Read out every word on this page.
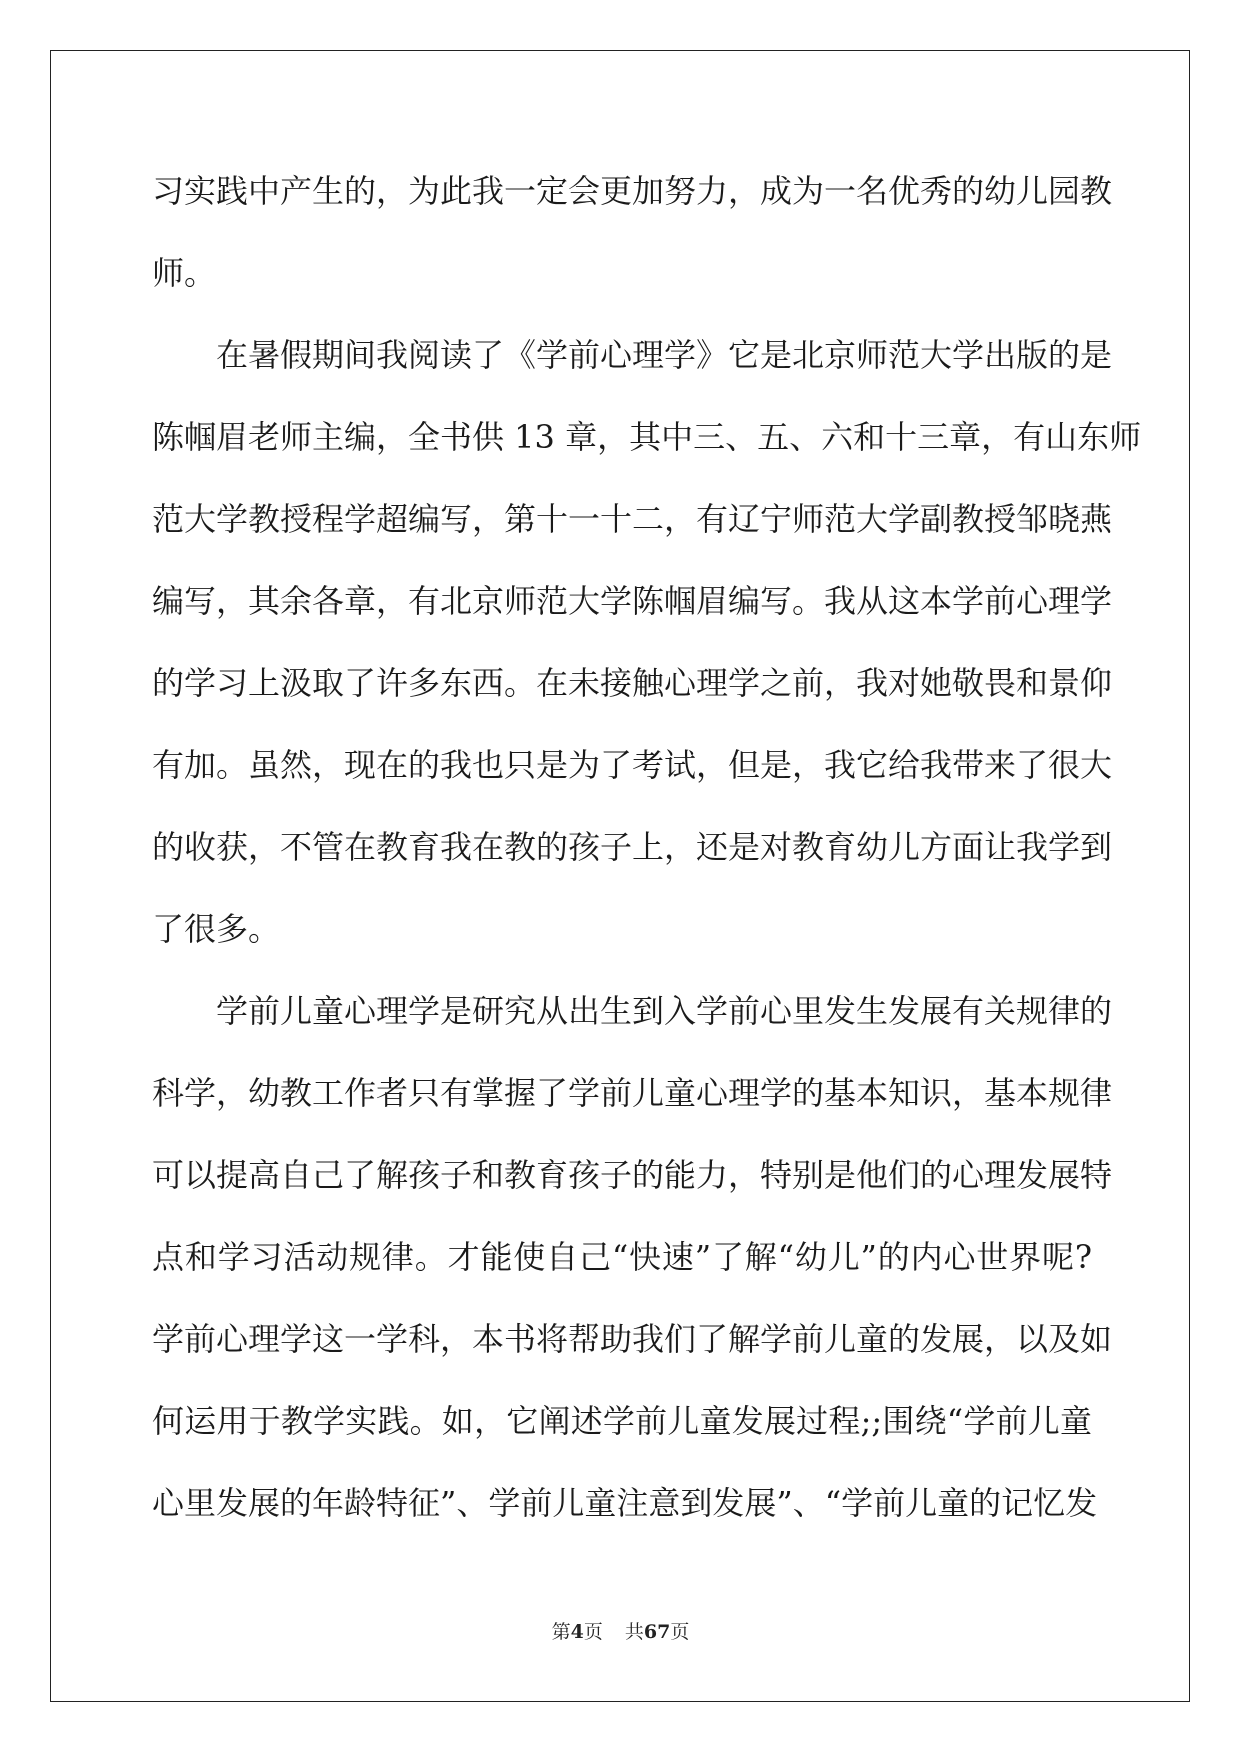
习实践中产生的，为此我一定会更加努力，成为一名优秀的幼儿园教
师。
在暑假期间我阅读了《学前心理学》它是北京师范大学出版的是
陈帼眉老师主编，全书供 13 章，其中三、五、六和十三章，有山东师
范大学教授程学超编写，第十一十二，有辽宁师范大学副教授邹晓燕
编写，其余各章，有北京师范大学陈帼眉编写。我从这本学前心理学
的学习上汲取了许多东西。在未接触心理学之前，我对她敬畏和景仰
有加。虽然，现在的我也只是为了考试，但是，我它给我带来了很大
的收获，不管在教育我在教的孩子上，还是对教育幼儿方面让我学到
了很多。
学前儿童心理学是研究从出生到入学前心里发生发展有关规律的
科学，幼教工作者只有掌握了学前儿童心理学的基本知识，基本规律
可以提高自己了解孩子和教育孩子的能力，特别是他们的心理发展特
点和学习活动规律。才能使自己“快速”了解“幼儿”的内心世界呢?
学前心理学这一学科，本书将帮助我们了解学前儿童的发展，以及如
何运用于教学实践。如，它阐述学前儿童发展过程;;围绕“学前儿童
心里发展的年龄特征”、学前儿童注意到发展”、“学前儿童的记忆发
第4页 共67页
